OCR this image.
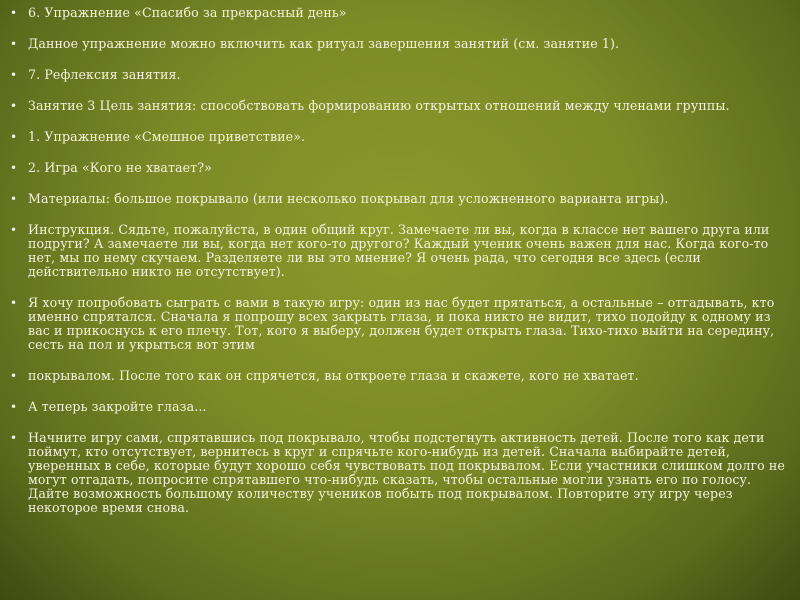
• 6. Упражнение «Спасибо за прекрасный день»
• Данное упражнение можно включить как ритуал завершения занятий (см. занятие 1).
• 7. Рефлексия занятия.
• Занятие 3 Цель занятия: способствовать формированию открытых отношений между членами группы.
• 1. Упражнение «Смешное приветствие».
• 2. Игра «Кого не хватает?»
• Материалы: большое покрывало (или несколько покрывал для усложненного варианта игры).
• Инструкция. Сядьте, пожалуйста, в один общий круг. Замечаете ли вы, когда в классе нет вашего друга или подруги? А замечаете ли вы, когда нет кого-то другого? Каждый ученик очень важен для нас. Когда кого-то нет, мы по нему скучаем. Разделяете ли вы это мнение? Я очень рада, что сегодня все здесь (если действительно никто не отсутствует).
• Я хочу попробовать сыграть с вами в такую игру: один из нас будет прятаться, а остальные – отгадывать, кто именно спрятался. Сначала я попрошу всех закрыть глаза, и пока никто не видит, тихо подойду к одному из вас и прикоснусь к его плечу. Тот, кого я выберу, должен будет открыть глаза. Тихо-тихо выйти на середину, сесть на пол и укрыться вот этим
• покрывалом. После того как он спрячется, вы откроете глаза и скажете, кого не хватает.
• А теперь закройте глаза...
• Начните игру сами, спрятавшись под покрывало, чтобы подстегнуть активность детей. После того как дети поймут, кто отсутствует, вернитесь в круг и спрячьте кого-нибудь из детей. Сначала выбирайте детей, уверенных в себе, которые будут хорошо себя чувствовать под покрывалом. Если участники слишком долго не могут отгадать, попросите спрятавшего что-нибудь сказать, чтобы остальные могли узнать его по голосу. Дайте возможность большому количеству учеников побыть под покрывалом. Повторите эту игру через некоторое время снова.
